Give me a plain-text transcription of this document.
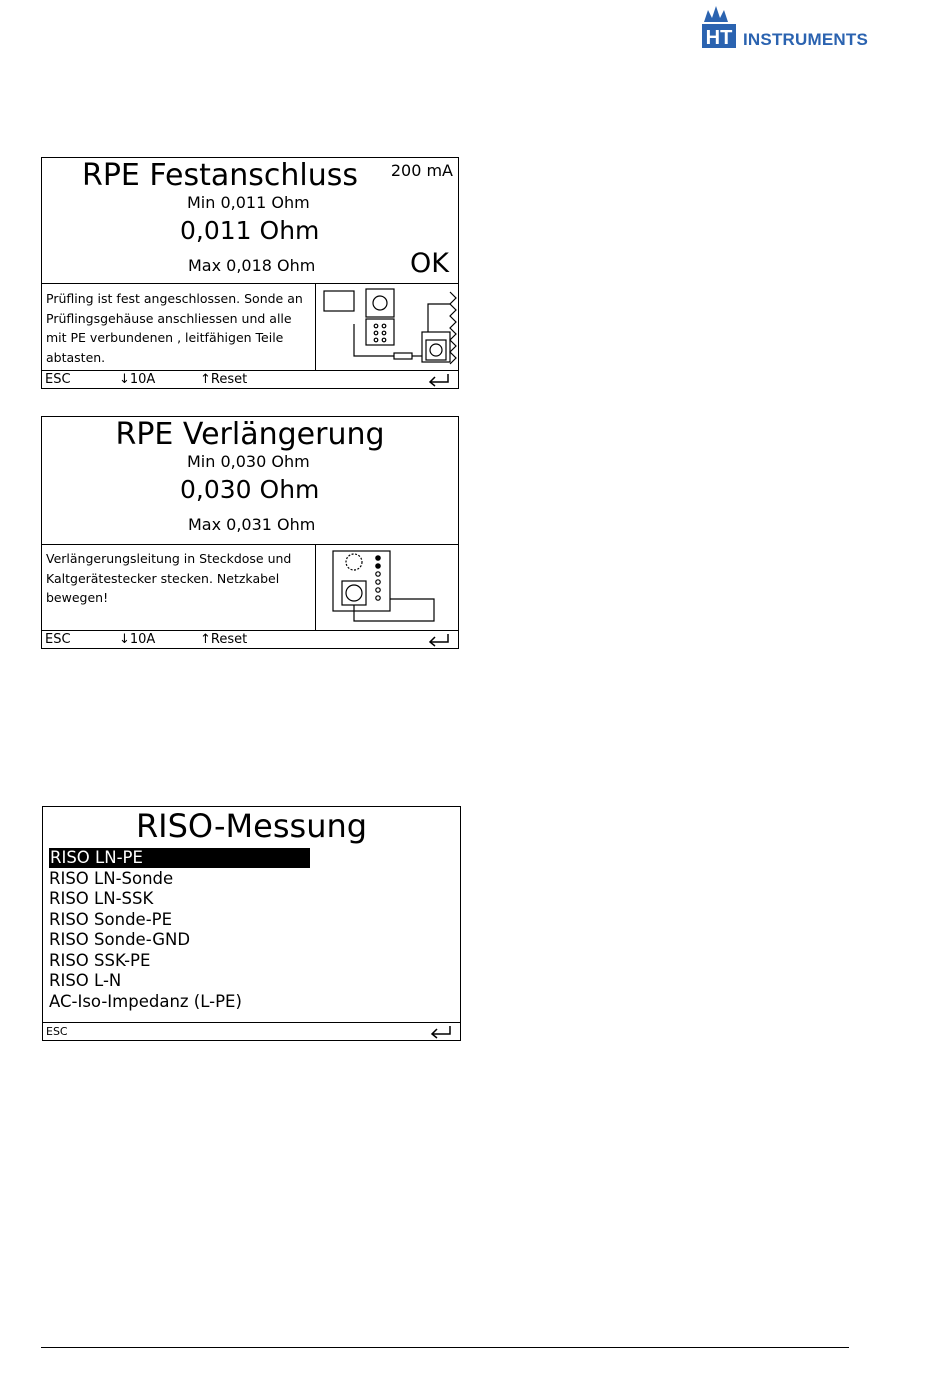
HT INSTRUMENTS
RPE Festanschluss 200 mA
Min 0,011 Ohm
0,011 Ohm
Max 0,018 Ohm	OK
Prüfling ist fest angeschlossen. Sonde an Prüflingsgehäuse anschliessen und alle mit PE verbundenen , leitfähigen Teile abtasten.
ESC	↓10A	↑Reset
RPE Verlängerung
Min 0,030 Ohm
0,030 Ohm
Max 0,031 Ohm
Verlängerungsleitung in Steckdose und Kaltgerätestecker stecken. Netzkabel bewegen!
ESC	↓10A	↑Reset
RISO-Messung
RISO LN-PE
RISO LN-Sonde
RISO LN-SSK
RISO Sonde-PE
RISO Sonde-GND
RISO SSK-PE
RISO L-N
AC-Iso-Impedanz (L-PE)
ESC
